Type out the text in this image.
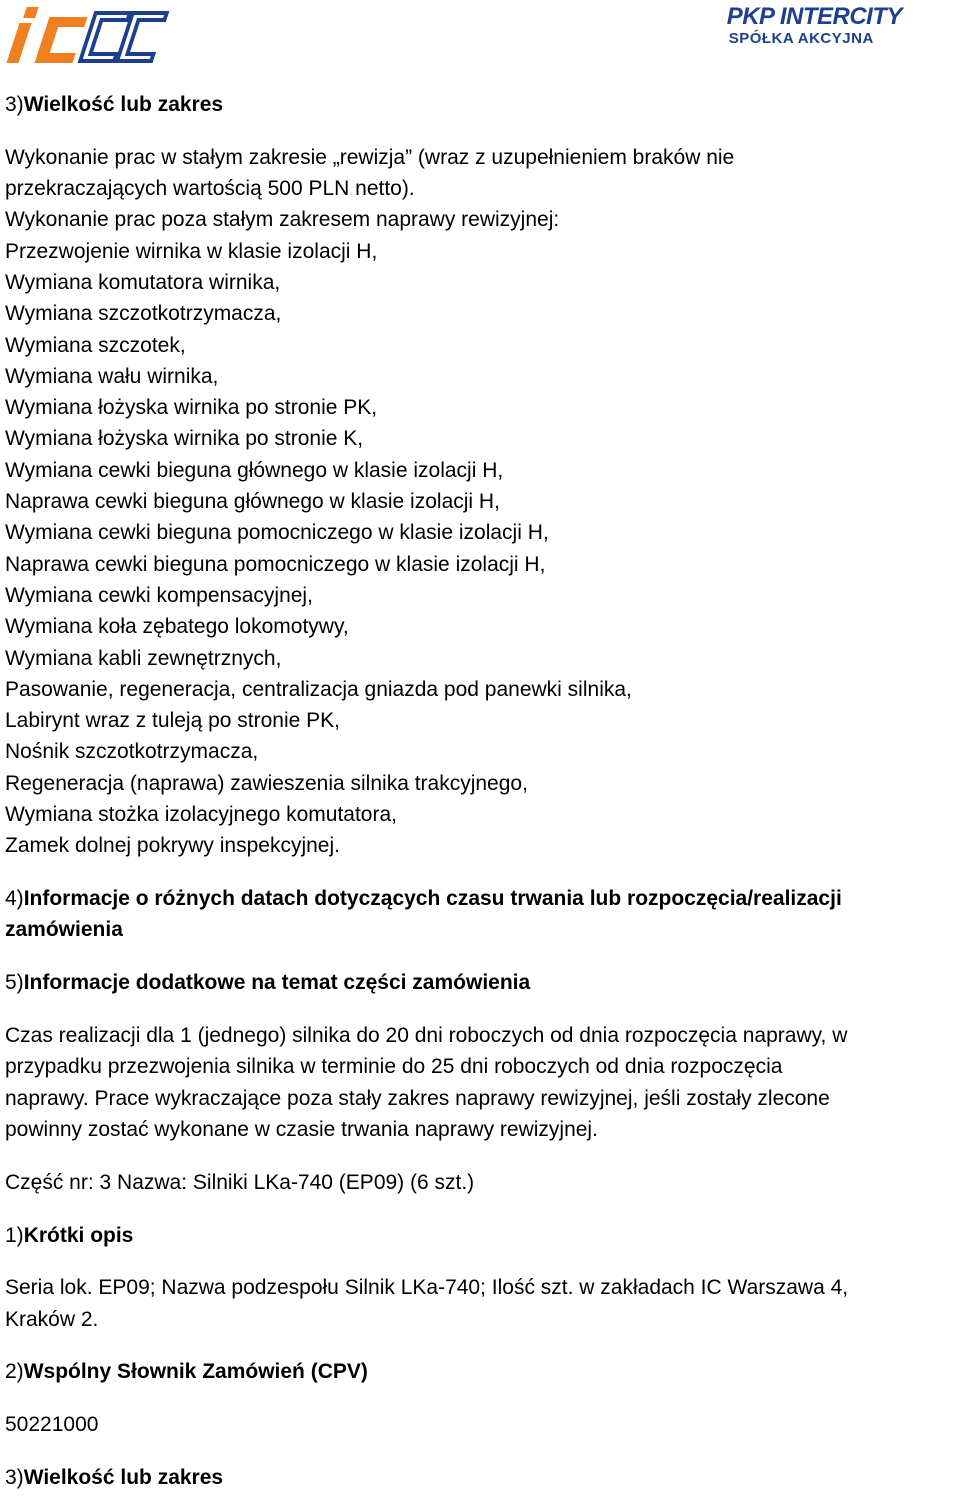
PKP INTERCITY
SPÓŁKA AKCYJNA

3)Wielkość lub zakres

Wykonanie prac w stałym zakresie „rewizja” (wraz z uzupełnieniem braków nie

przekraczających wartością 500 PLN netto).

Wykonanie prac poza stałym zakresem naprawy rewizyjnej:

Przezwojenie wirnika w klasie izolacji H,

Wymiana komutatora wirnika,

Wymiana szczotkotrzymacza,

Wymiana szczotek,

Wymiana wału wirnika,

Wymiana łożyska wirnika po stronie PK,

Wymiana łożyska wirnika po stronie K,

Wymiana cewki bieguna głównego w klasie izolacji H,

Naprawa cewki bieguna głównego w klasie izolacji H,

Wymiana cewki bieguna pomocniczego w klasie izolacji H,

Naprawa cewki bieguna pomocniczego w klasie izolacji H,

Wymiana cewki kompensacyjnej,

Wymiana koła zębatego lokomotywy,

Wymiana kabli zewnętrznych,

Pasowanie, regeneracja, centralizacja gniazda pod panewki silnika,

Labirynt wraz z tuleją po stronie PK,

Nośnik szczotkotrzymacza,

Regeneracja (naprawa) zawieszenia silnika trakcyjnego,

Wymiana stożka izolacyjnego komutatora,

Zamek dolnej pokrywy inspekcyjnej.

4)Informacje o różnych datach dotyczących czasu trwania lub rozpoczęcia/realizacji

zamówienia

5)Informacje dodatkowe na temat części zamówienia

Czas realizacji dla 1 (jednego) silnika do 20 dni roboczych od dnia rozpoczęcia naprawy, w

przypadku przezwojenia silnika w terminie do 25 dni roboczych od dnia rozpoczęcia

naprawy. Prace wykraczające poza stały zakres naprawy rewizyjnej, jeśli zostały zlecone

powinny zostać wykonane w czasie trwania naprawy rewizyjnej.

Część nr: 3 Nazwa: Silniki LKa-740 (EP09) (6 szt.)

1)Krótki opis

Seria lok. EP09; Nazwa podzespołu Silnik LKa-740; Ilość szt. w zakładach IC Warszawa 4,

Kraków 2.

2)Wspólny Słownik Zamówień (CPV)

50221000

3)Wielkość lub zakres
